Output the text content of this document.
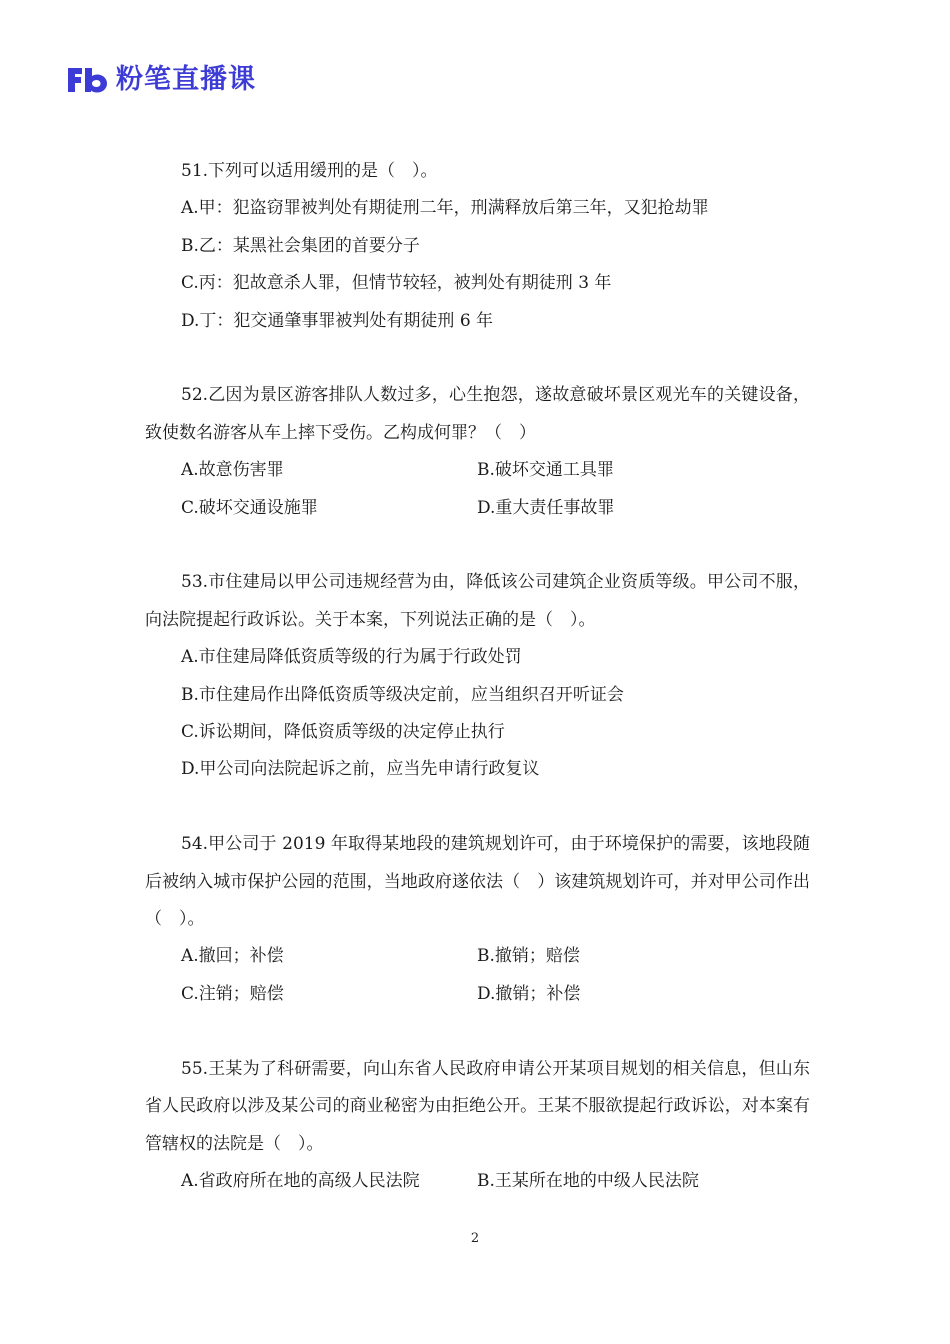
粉笔直播课

51.下列可以适用缓刑的是（　）。

A.甲：犯盗窃罪被判处有期徒刑二年，刑满释放后第三年，又犯抢劫罪

B.乙：某黑社会集团的首要分子

C.丙：犯故意杀人罪，但情节较轻，被判处有期徒刑 3 年

D.丁：犯交通肇事罪被判处有期徒刑 6 年

52.乙因为景区游客排队人数过多，心生抱怨，遂故意破坏景区观光车的关键设备，致使数名游客从车上摔下受伤。乙构成何罪？（　）

A.故意伤害罪	B.破坏交通工具罪
C.破坏交通设施罪	D.重大责任事故罪

53.市住建局以甲公司违规经营为由，降低该公司建筑企业资质等级。甲公司不服，向法院提起行政诉讼。关于本案，下列说法正确的是（　）。

A.市住建局降低资质等级的行为属于行政处罚

B.市住建局作出降低资质等级决定前，应当组织召开听证会

C.诉讼期间，降低资质等级的决定停止执行

D.甲公司向法院起诉之前，应当先申请行政复议

54.甲公司于 2019 年取得某地段的建筑规划许可，由于环境保护的需要，该地段随后被纳入城市保护公园的范围，当地政府遂依法（　）该建筑规划许可，并对甲公司作出（　）。

A.撤回；补偿	B.撤销；赔偿
C.注销；赔偿	D.撤销；补偿

55.王某为了科研需要，向山东省人民政府申请公开某项目规划的相关信息，但山东省人民政府以涉及某公司的商业秘密为由拒绝公开。王某不服欲提起行政诉讼，对本案有管辖权的法院是（　）。

A.省政府所在地的高级人民法院	B.王某所在地的中级人民法院
2
